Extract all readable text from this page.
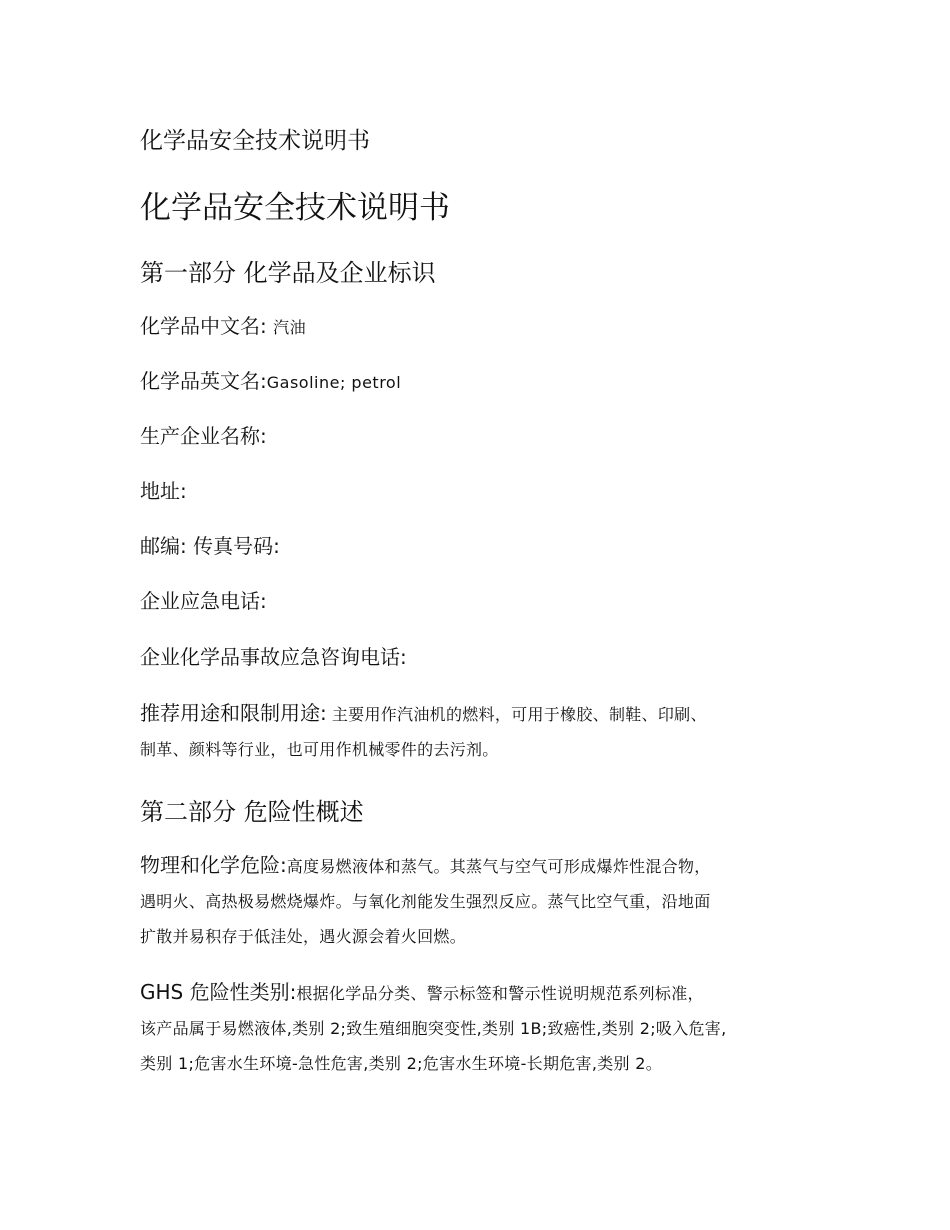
化学品安全技术说明书
化学品安全技术说明书
第一部分 化学品及企业标识

化学品中文名: 汽油

化学品英文名:Gasoline; petrol

生产企业名称:

地址:

邮编: 传真号码:

企业应急电话:

企业化学品事故应急咨询电话:

推荐用途和限制用途: 主要用作汽油机的燃料，可用于橡胶、制鞋、印刷、
制革、颜料等行业，也可用作机械零件的去污剂。
第二部分 危险性概述
物理和化学危险:高度易燃液体和蒸气。其蒸气与空气可形成爆炸性混合物，
遇明火、高热极易燃烧爆炸。与氧化剂能发生强烈反应。蒸气比空气重，沿地面
扩散并易积存于低洼处，遇火源会着火回燃。
GHS 危险性类别:根据化学品分类、警示标签和警示性说明规范系列标准，
该产品属于易燃液体,类别 2;致生殖细胞突变性,类别 1B;致癌性,类别 2;吸入危害,
类别 1;危害水生环境-急性危害,类别 2;危害水生环境-长期危害,类别 2。
